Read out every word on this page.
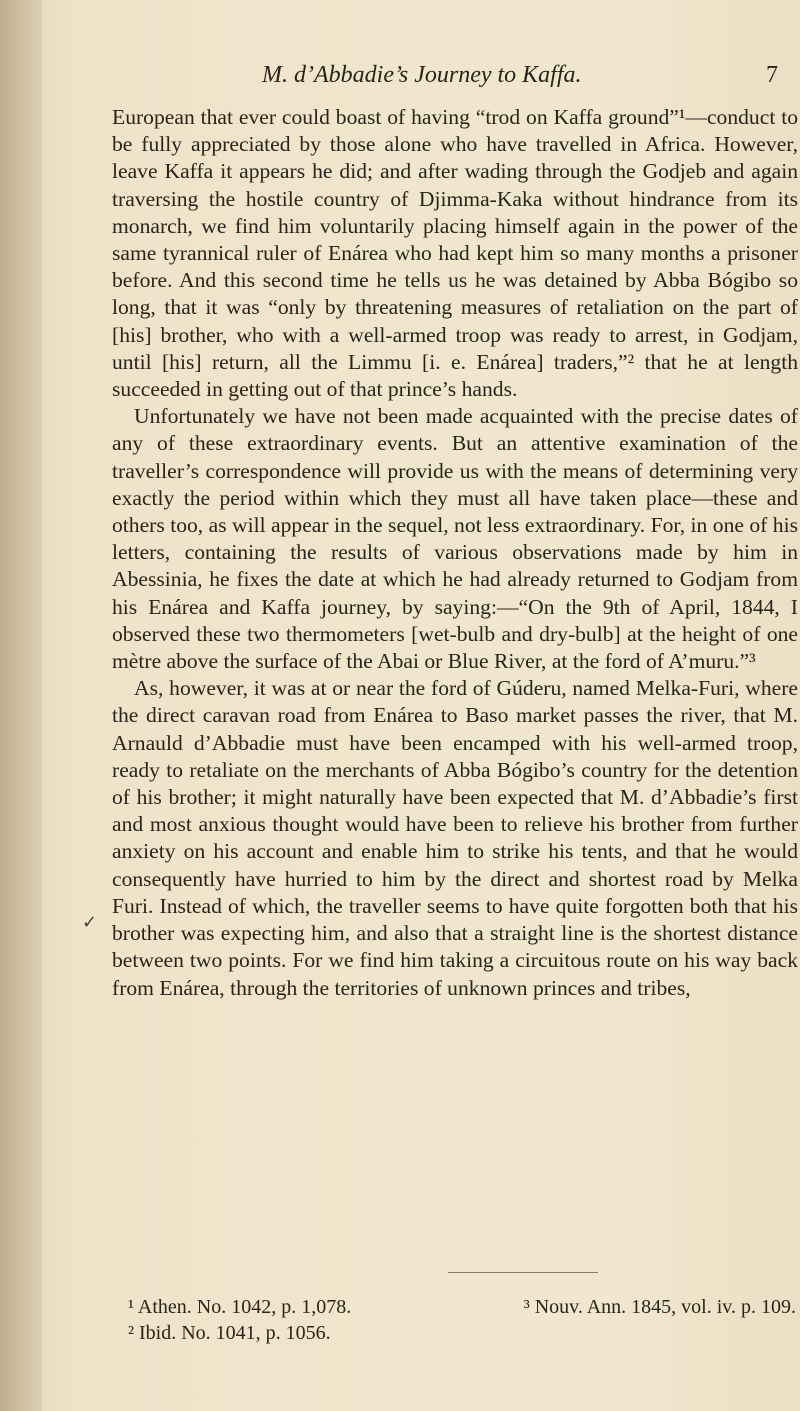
M. d’Abbadie’s Journey to Kaffa.	7
✓

European that ever could boast of having “trod on Kaffa ground”¹—conduct to be fully appreciated by those alone who have travelled in Africa. However, leave Kaffa it appears he did; and after wading through the Godjeb and again traversing the hostile country of Djimma-Kaka without hindrance from its monarch, we find him voluntarily placing himself again in the power of the same tyrannical ruler of Enárea who had kept him so many months a prisoner before. And this second time he tells us he was detained by Abba Bógibo so long, that it was “only by threatening measures of retaliation on the part of [his] brother, who with a well-armed troop was ready to arrest, in Godjam, until [his] return, all the Limmu [i. e. Enárea] traders,”² that he at length succeeded in getting out of that prince’s hands.

Unfortunately we have not been made acquainted with the precise dates of any of these extraordinary events. But an attentive examination of the traveller’s correspondence will provide us with the means of determining very exactly the period within which they must all have taken place—these and others too, as will appear in the sequel, not less extraordinary. For, in one of his letters, containing the results of various observations made by him in Abessinia, he fixes the date at which he had already returned to Godjam from his Enárea and Kaffa journey, by saying:—“On the 9th of April, 1844, I observed these two thermometers [wet-bulb and dry-bulb] at the height of one mètre above the surface of the Abai or Blue River, at the ford of A’muru.”³

As, however, it was at or near the ford of Gúderu, named Melka-Furi, where the direct caravan road from Enárea to Baso market passes the river, that M. Arnauld d’Abbadie must have been encamped with his well-armed troop, ready to retaliate on the merchants of Abba Bógibo’s country for the detention of his brother; it might naturally have been expected that M. d’Abbadie’s first and most anxious thought would have been to relieve his brother from further anxiety on his account and enable him to strike his tents, and that he would consequently have hurried to him by the direct and shortest road by Melka Furi. Instead of which, the traveller seems to have quite forgotten both that his brother was expecting him, and also that a straight line is the shortest distance between two points. For we find him taking a circuitous route on his way back from Enárea, through the territories of unknown princes and tribes,

¹ Athen. No. 1042, p. 1,078.	³ Nouv. Ann. 1845, vol. iv. p. 109.
² Ibid. No. 1041, p. 1056.
